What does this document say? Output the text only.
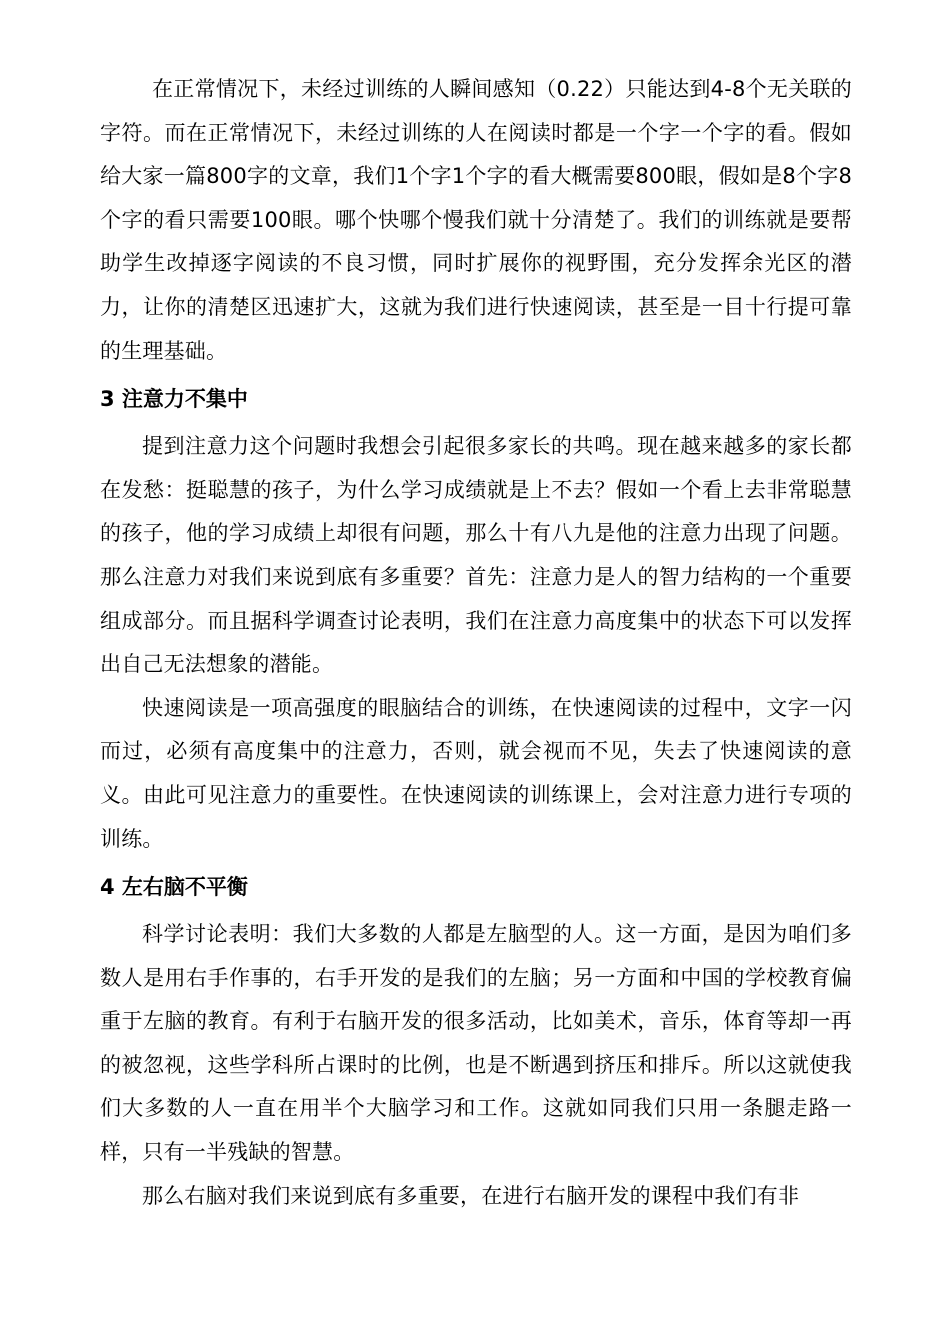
在正常情况下，未经过训练的人瞬间感知（0.22）只能达到4-8个无关联的字符。而在正常情况下，未经过训练的人在阅读时都是一个字一个字的看。假如给大家一篇800字的文章，我们1个字1个字的看大概需要800眼，假如是8个字8个字的看只需要100眼。哪个快哪个慢我们就十分清楚了。我们的训练就是要帮助学生改掉逐字阅读的不良习惯，同时扩展你的视野围，充分发挥余光区的潜力，让你的清楚区迅速扩大，这就为我们进行快速阅读，甚至是一目十行提可靠的生理基础。

3 注意力不集中

提到注意力这个问题时我想会引起很多家长的共鸣。现在越来越多的家长都在发愁：挺聪慧的孩子，为什么学习成绩就是上不去？假如一个看上去非常聪慧的孩子，他的学习成绩上却很有问题，那么十有八九是他的注意力出现了问题。那么注意力对我们来说到底有多重要？首先：注意力是人的智力结构的一个重要组成部分。而且据科学调查讨论表明，我们在注意力高度集中的状态下可以发挥出自己无法想象的潜能。

快速阅读是一项高强度的眼脑结合的训练，在快速阅读的过程中，文字一闪而过，必须有高度集中的注意力，否则，就会视而不见，失去了快速阅读的意义。由此可见注意力的重要性。在快速阅读的训练课上，会对注意力进行专项的训练。

4 左右脑不平衡

科学讨论表明：我们大多数的人都是左脑型的人。这一方面，是因为咱们多数人是用右手作事的，右手开发的是我们的左脑；另一方面和中国的学校教育偏重于左脑的教育。有利于右脑开发的很多活动，比如美术，音乐，体育等却一再的被忽视，这些学科所占课时的比例，也是不断遇到挤压和排斥。所以这就使我们大多数的人一直在用半个大脑学习和工作。这就如同我们只用一条腿走路一样，只有一半残缺的智慧。

那么右脑对我们来说到底有多重要，在进行右脑开发的课程中我们有非
